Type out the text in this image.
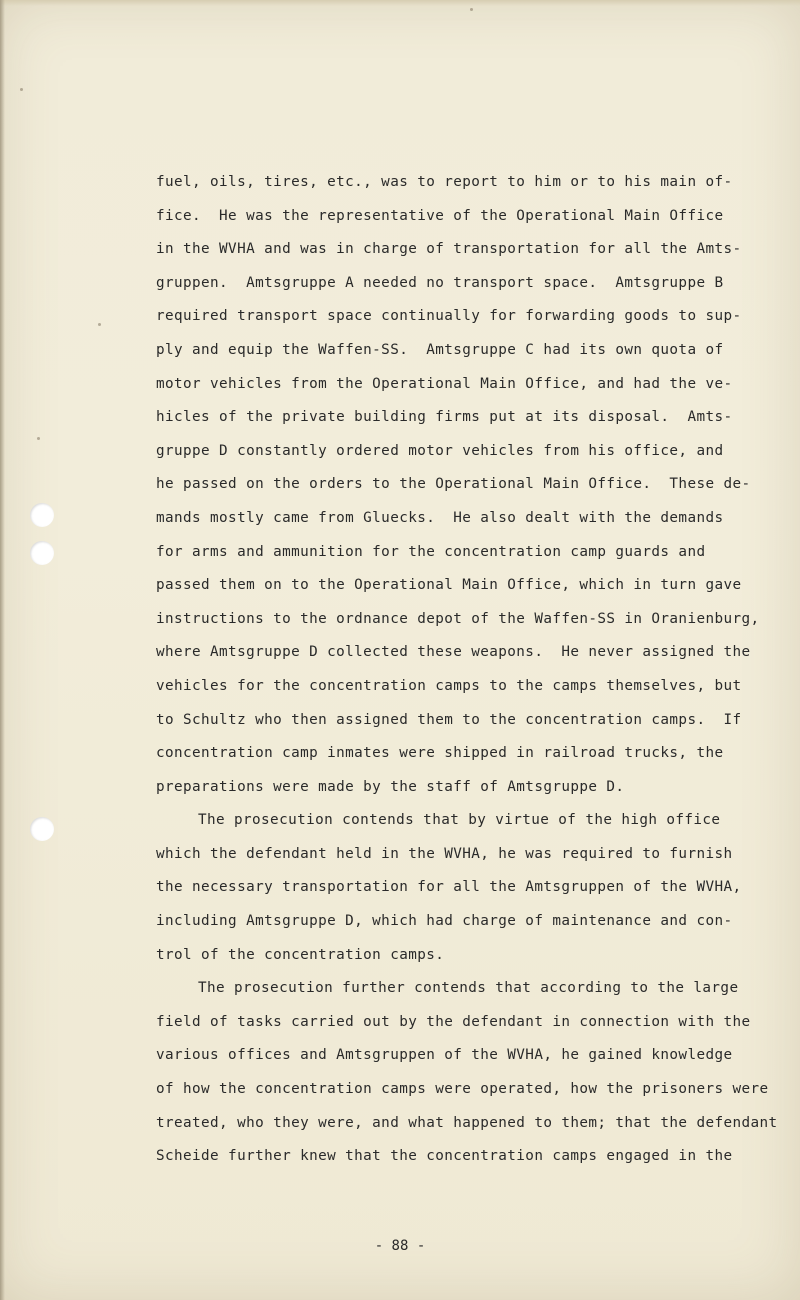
fuel, oils, tires, etc., was to report to him or to his main of-
fice.  He was the representative of the Operational Main Office
in the WVHA and was in charge of transportation for all the Amts-
gruppen.  Amtsgruppe A needed no transport space.  Amtsgruppe B
required transport space continually for forwarding goods to sup-
ply and equip the Waffen-SS.  Amtsgruppe C had its own quota of
motor vehicles from the Operational Main Office, and had the ve-
hicles of the private building firms put at its disposal.  Amts-
gruppe D constantly ordered motor vehicles from his office, and
he passed on the orders to the Operational Main Office.  These de-
mands mostly came from Gluecks.  He also dealt with the demands
for arms and ammunition for the concentration camp guards and
passed them on to the Operational Main Office, which in turn gave
instructions to the ordnance depot of the Waffen-SS in Oranienburg,
where Amtsgruppe D collected these weapons.  He never assigned the
vehicles for the concentration camps to the camps themselves, but
to Schultz who then assigned them to the concentration camps.  If
concentration camp inmates were shipped in railroad trucks, the
preparations were made by the staff of Amtsgruppe D.
The prosecution contends that by virtue of the high office
which the defendant held in the WVHA, he was required to furnish
the necessary transportation for all the Amtsgruppen of the WVHA,
including Amtsgruppe D, which had charge of maintenance and con-
trol of the concentration camps.
The prosecution further contends that according to the large
field of tasks carried out by the defendant in connection with the
various offices and Amtsgruppen of the WVHA, he gained knowledge
of how the concentration camps were operated, how the prisoners were
treated, who they were, and what happened to them; that the defendant
Scheide further knew that the concentration camps engaged in the
- 88 -
